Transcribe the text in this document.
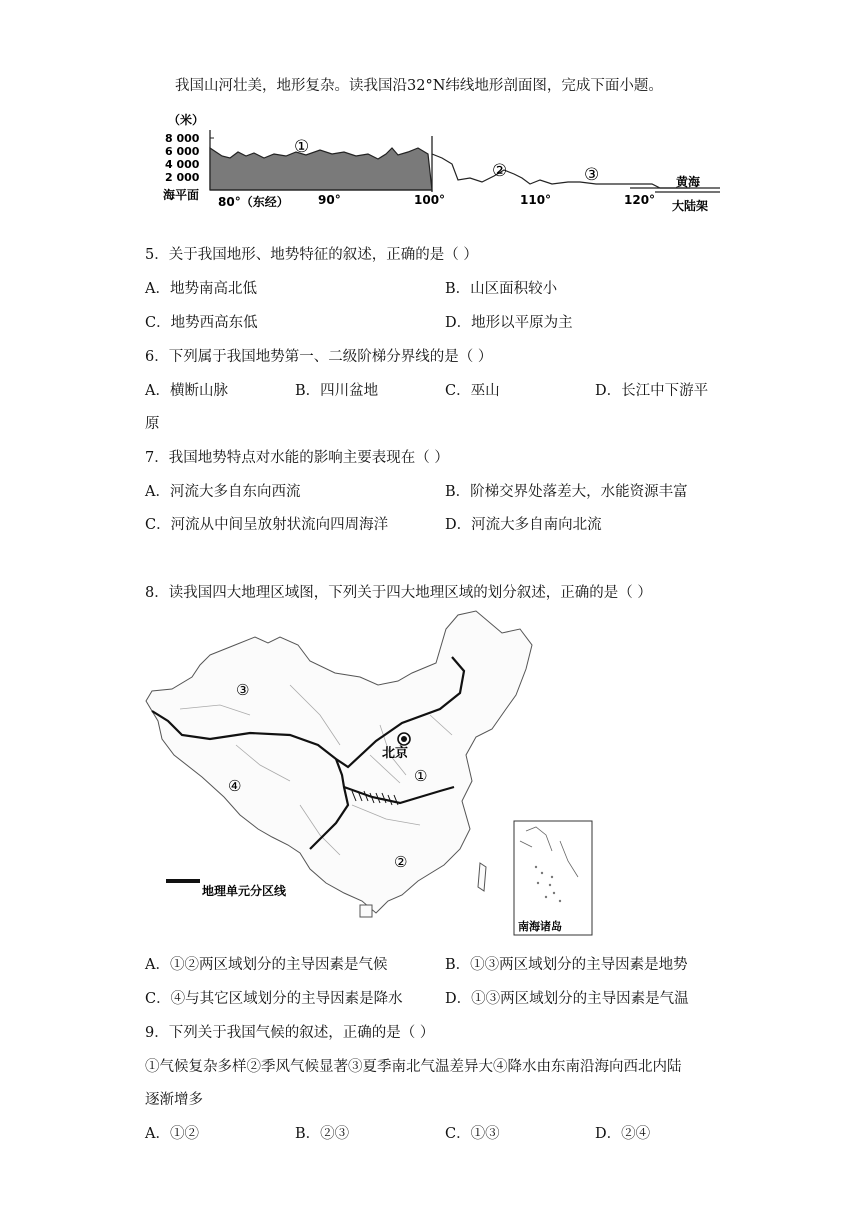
我国山河壮美，地形复杂。读我国沿32°N纬线地形剖面图，完成下面小题。
（米）
8 000
6 000
4 000
2 000
海平面 80°（东经） 90°	100°	110°	120°
①
②	③	黄海
大陆架
5．关于我国地形、地势特征的叙述，正确的是（ ）
A．地势南高北低	B．山区面积较小
C．地势西高东低	D．地形以平原为主
6．下列属于我国地势第一、二级阶梯分界线的是（ ）
A．横断山脉	B．四川盆地	C．巫山	D．长江中下游平
原
7．我国地势特点对水能的影响主要表现在（ ）
A．河流大多自东向西流	B．阶梯交界处落差大，水能资源丰富
C．河流从中间呈放射状流向四周海洋	D．河流大多自南向北流
8．读我国四大地理区域图，下列关于四大地理区域的划分叙述，正确的是（ ）
北京
①
②
③
④
地理单元分区线
南海诸岛
A．①②两区域划分的主导因素是气候	B．①③两区域划分的主导因素是地势
C．④与其它区域划分的主导因素是降水	D．①③两区域划分的主导因素是气温
9．下列关于我国气候的叙述，正确的是（ ）
①气候复杂多样②季风气候显著③夏季南北气温差异大④降水由东南沿海向西北内陆
逐渐增多
A．①②	B．②③	C．①③	D．②④
